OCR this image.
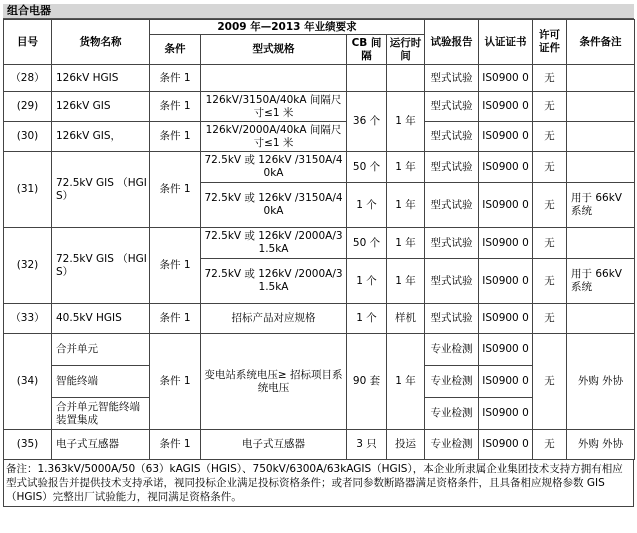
组合电器
目号	货物名称	2009 年—2013 年业绩要求				试验报告	认证证书	许可证件	条件备注
		条件	型式规格	CB 间隔	运行时间				
（28）	126kV HGIS	条件 1				型式试验	IS0900 0	无	
(29)	126kV GIS	条件 1	126kV/3150A/40kA 间隔尺寸≤1 米	36 个	1 年	型式试验	IS0900 0	无	
(30)	126kV GIS，	条件 1	126kV/2000A/40kA 间隔尺寸≤1 米			型式试验	IS0900 0	无	
(31)	72.5kV GIS （HGIS）	条件 1	72.5kV 或 126kV /3150A/40kA	50 个	1 年	型式试验	IS0900 0	无	
			72.5kV 或 126kV /3150A/40kA	1 个	1 年	型式试验	IS0900 0	无	用于 66kV 系统
(32)	72.5kV GIS （HGIS）	条件 1	72.5kV 或 126kV /2000A/31.5kA	50 个	1 年	型式试验	IS0900 0	无	
			72.5kV 或 126kV /2000A/31.5kA	1 个	1 年	型式试验	IS0900 0	无	用于 66kV 系统
（33）	40.5kV HGIS	条件 1	招标产品对应规格	1 个	样机	型式试验	IS0900 0	无	
(34)	合并单元	条件 1	变电站系统电压≥ 招标项目系统电压	90 套	1 年	专业检测	IS0900 0	无	外购 外协
	智能终端					专业检测	IS0900 0		
	合并单元智能终端装置集成					专业检测	IS0900 0		
(35)	电子式互感器	条件 1	电子式互感器	3 只	投运	专业检测	IS0900 0	无	外购 外协
备注：1.363kV/5000A/50（63）kAGIS（HGIS）、750kV/6300A/63kAGIS（HGIS），本企业所隶属企业集团技术支持方拥有相应型式试验报告并提供技术支持承诺，视同投标企业满足投标资格条件；或者同参数断路器满足资格条件，且具备相应规格参数 GIS（HGIS）完整出厂试验能力，视同满足资格条件。
